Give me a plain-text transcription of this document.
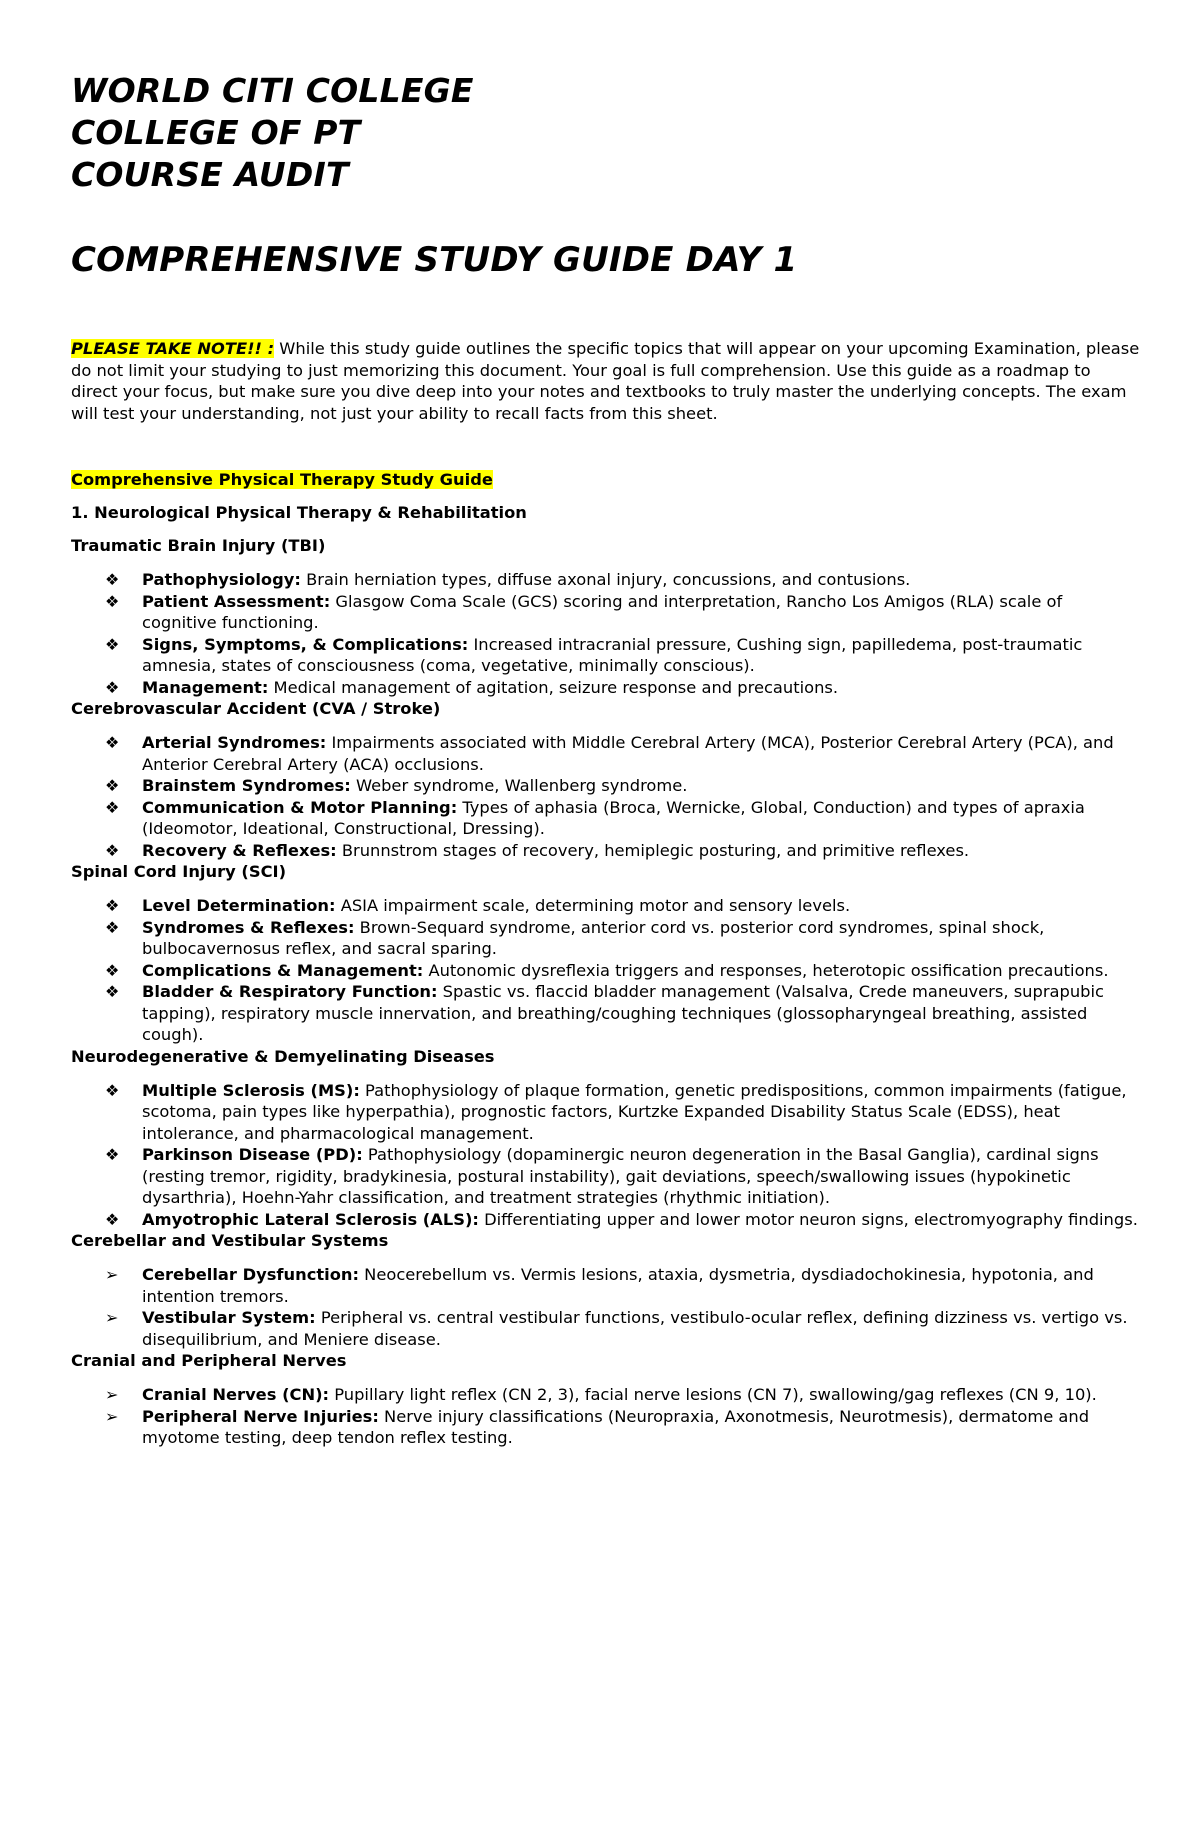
WORLD CITI COLLEGE
COLLEGE OF PT
COURSE AUDIT
COMPREHENSIVE STUDY GUIDE DAY 1
PLEASE TAKE NOTE!! : While this study guide outlines the specific topics that will appear on your upcoming Examination, please do not limit your studying to just memorizing this document. Your goal is full comprehension. Use this guide as a roadmap to direct your focus, but make sure you dive deep into your notes and textbooks to truly master the underlying concepts. The exam will test your understanding, not just your ability to recall facts from this sheet.
Comprehensive Physical Therapy Study Guide
1. Neurological Physical Therapy & Rehabilitation
Traumatic Brain Injury (TBI)
❖	Pathophysiology: Brain herniation types, diffuse axonal injury, concussions, and contusions.
❖	Patient Assessment: Glasgow Coma Scale (GCS) scoring and interpretation, Rancho Los Amigos (RLA) scale of cognitive functioning.
❖	Signs, Symptoms, & Complications: Increased intracranial pressure, Cushing sign, papilledema, post-traumatic amnesia, states of consciousness (coma, vegetative, minimally conscious).
❖	Management: Medical management of agitation, seizure response and precautions.
Cerebrovascular Accident (CVA / Stroke)
❖	Arterial Syndromes: Impairments associated with Middle Cerebral Artery (MCA), Posterior Cerebral Artery (PCA), and Anterior Cerebral Artery (ACA) occlusions.
❖	Brainstem Syndromes: Weber syndrome, Wallenberg syndrome.
❖	Communication & Motor Planning: Types of aphasia (Broca, Wernicke, Global, Conduction) and types of apraxia (Ideomotor, Ideational, Constructional, Dressing).
❖	Recovery & Reflexes: Brunnstrom stages of recovery, hemiplegic posturing, and primitive reflexes.
Spinal Cord Injury (SCI)
❖	Level Determination: ASIA impairment scale, determining motor and sensory levels.
❖	Syndromes & Reflexes: Brown-Sequard syndrome, anterior cord vs. posterior cord syndromes, spinal shock, bulbocavernosus reflex, and sacral sparing.
❖	Complications & Management: Autonomic dysreflexia triggers and responses, heterotopic ossification precautions.
❖	Bladder & Respiratory Function: Spastic vs. flaccid bladder management (Valsalva, Crede maneuvers, suprapubic tapping), respiratory muscle innervation, and breathing/coughing techniques (glossopharyngeal breathing, assisted cough).
Neurodegenerative & Demyelinating Diseases
❖	Multiple Sclerosis (MS): Pathophysiology of plaque formation, genetic predispositions, common impairments (fatigue, scotoma, pain types like hyperpathia), prognostic factors, Kurtzke Expanded Disability Status Scale (EDSS), heat intolerance, and pharmacological management.
❖	Parkinson Disease (PD): Pathophysiology (dopaminergic neuron degeneration in the Basal Ganglia), cardinal signs (resting tremor, rigidity, bradykinesia, postural instability), gait deviations, speech/swallowing issues (hypokinetic dysarthria), Hoehn-Yahr classification, and treatment strategies (rhythmic initiation).
❖	Amyotrophic Lateral Sclerosis (ALS): Differentiating upper and lower motor neuron signs, electromyography findings.
Cerebellar and Vestibular Systems
➢	Cerebellar Dysfunction: Neocerebellum vs. Vermis lesions, ataxia, dysmetria, dysdiadochokinesia, hypotonia, and intention tremors.
➢	Vestibular System: Peripheral vs. central vestibular functions, vestibulo-ocular reflex, defining dizziness vs. vertigo vs. disequilibrium, and Meniere disease.
Cranial and Peripheral Nerves
➢	Cranial Nerves (CN): Pupillary light reflex (CN 2, 3), facial nerve lesions (CN 7), swallowing/gag reflexes (CN 9, 10).
➢	Peripheral Nerve Injuries: Nerve injury classifications (Neuropraxia, Axonotmesis, Neurotmesis), dermatome and myotome testing, deep tendon reflex testing.
